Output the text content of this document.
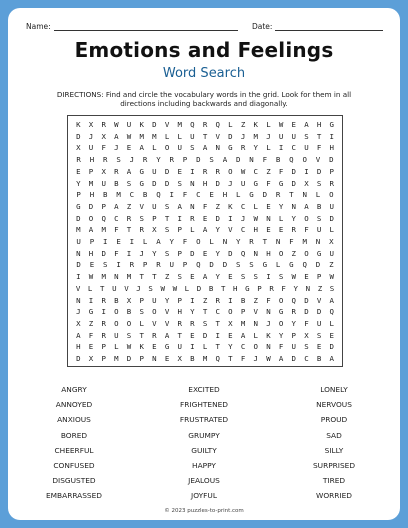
Name:	Date:
Emotions and Feelings
Word Search
DIRECTIONS: Find and circle the vocabulary words in the grid. Look for them in all directions including backwards and diagonally.
K	X	R	W	U	K	D	V	M	Q	R	Q	L	Z	K	L	W	E	A	H	G
D	J	X	A	W	M	M	L	L	U	T	V	D	J	M	J	U	U	S	T	I
X	U	F	J	E	A	L	O	U	S	A	N	G	R	Y	L	I	C	U	F	H
R	H	R	S	J	R	Y	R	P	D	S	A	D	N	F	B	Q	O	V	D
E	P	X	R	A	G	U	D	E	I	R	R	O	W	C	Z	F	D	I	D	P
Y	M	U	B	S	G	D	D	S	N	H	D	J	U	G	F	G	D	X	S	R
P	H	B	M	C	B	Q	I	F	C	E	H	L	G	D	R	T	N	L	O
G	D	P	A	Z	V	U	S	A	N	F	Z	K	C	L	E	Y	N	A	B	U
D	O	Q	C	R	S	P	T	I	R	E	D	I	J	W	N	L	Y	O	S	D
M	A	M	F	T	R	X	S	P	L	A	Y	V	C	H	E	E	R	F	U	L
U	P	I	E	I	L	A	Y	F	O	L	N	Y	R	T	N	F	M	N	X
N	H	D	F	I	J	Y	S	P	D	E	Y	D	Q	N	H	O	Z	O	G	U
D	E	S	I	R	P	R	U	P	Q	D	D	S	S	G	L	G	Q	D	Z
I	W	M	N	M	T	T	Z	S	E	A	Y	E	S	S	I	S	W	E	P	W
V	L	T	U	V	J	S	W	W	L	D	B	T	H	G	P	R	F	Y	N	Z	S
N	I	R	B	X	P	U	Y	P	I	Z	R	I	B	Z	F	O	Q	D	V	A
J	G	I	O	B	S	O	V	H	Y	T	C	O	P	V	N	G	R	D	D	Q
X	Z	R	O	O	L	V	V	R	R	S	T	X	M	N	J	O	Y	F	U	L
A	F	R	U	S	T	R	A	T	E	D	I	E	A	L	K	Y	P	X	S	E
H	E	P	L	W	K	E	G	U	I	L	T	Y	C	O	N	F	U	S	E	D
D	X	P	M	D	P	N	E	X	B	M	Q	T	F	J	W	A	D	C	B	A
ANGRY
ANNOYED
ANXIOUS
BORED
CHEERFUL
CONFUSED
DISGUSTED
EMBARRASSED
EXCITED
FRIGHTENED
FRUSTRATED
GRUMPY
GUILTY
HAPPY
JEALOUS
JOYFUL
LONELY
NERVOUS
PROUD
SAD
SILLY
SURPRISED
TIRED
WORRIED
© 2023 puzzles-to-print.com
